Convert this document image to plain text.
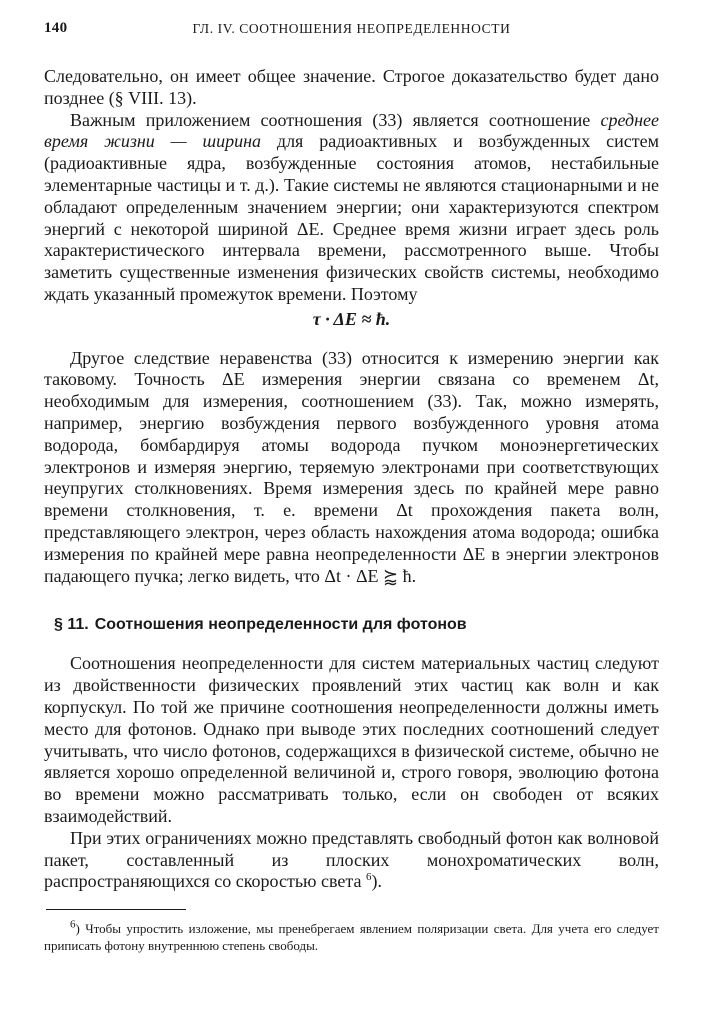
140	ГЛ. IV. СООТНОШЕНИЯ НЕОПРЕДЕЛЕННОСТИ

Следовательно, он имеет общее значение. Строгое доказательство будет дано позднее (§ VIII. 13).

Важным приложением соотношения (33) является соотношение среднее время жизни — ширина для радиоактивных и возбужденных систем (радиоактивные ядра, возбужденные состояния атомов, нестабильные элементарные частицы и т. д.). Такие системы не являются стационарными и не обладают определенным значением энергии; они характеризуются спектром энергий с некоторой шириной ΔE. Среднее время жизни играет здесь роль характеристического интервала времени, рассмотренного выше. Чтобы заметить существенные изменения физических свойств системы, необходимо ждать указанный промежуток времени. Поэтому

τ · ΔE ≈ ħ.

Другое следствие неравенства (33) относится к измерению энергии как таковому. Точность ΔE измерения энергии связана со временем Δt, необходимым для измерения, соотношением (33). Так, можно измерять, например, энергию возбуждения первого возбужденного уровня атома водорода, бомбардируя атомы водорода пучком моноэнергетических электронов и измеряя энергию, теряемую электронами при соответствующих неупругих столкновениях. Время измерения здесь по крайней мере равно времени столкновения, т. е. времени Δt прохождения пакета волн, представляющего электрон, через область нахождения атома водорода; ошибка измерения по крайней мере равна неопределенности ΔE в энергии электронов падающего пучка; легко видеть, что Δt · ΔE ⪸ ħ.

§ 11. Соотношения неопределенности для фотонов

Соотношения неопределенности для систем материальных частиц следуют из двойственности физических проявлений этих частиц как волн и как корпускул. По той же причине соотношения неопределенности должны иметь место для фотонов. Однако при выводе этих последних соотношений следует учитывать, что число фотонов, содержащихся в физической системе, обычно не является хорошо определенной величиной и, строго говоря, эволюцию фотона во времени можно рассматривать только, если он свободен от всяких взаимодействий.

При этих ограничениях можно представлять свободный фотон как волновой пакет, составленный из плоских монохроматических волн, распространяющихся со скоростью света $^6$).

$^6$) Чтобы упростить изложение, мы пренебрегаем явлением поляризации света. Для учета его следует приписать фотону внутреннюю степень свободы.
